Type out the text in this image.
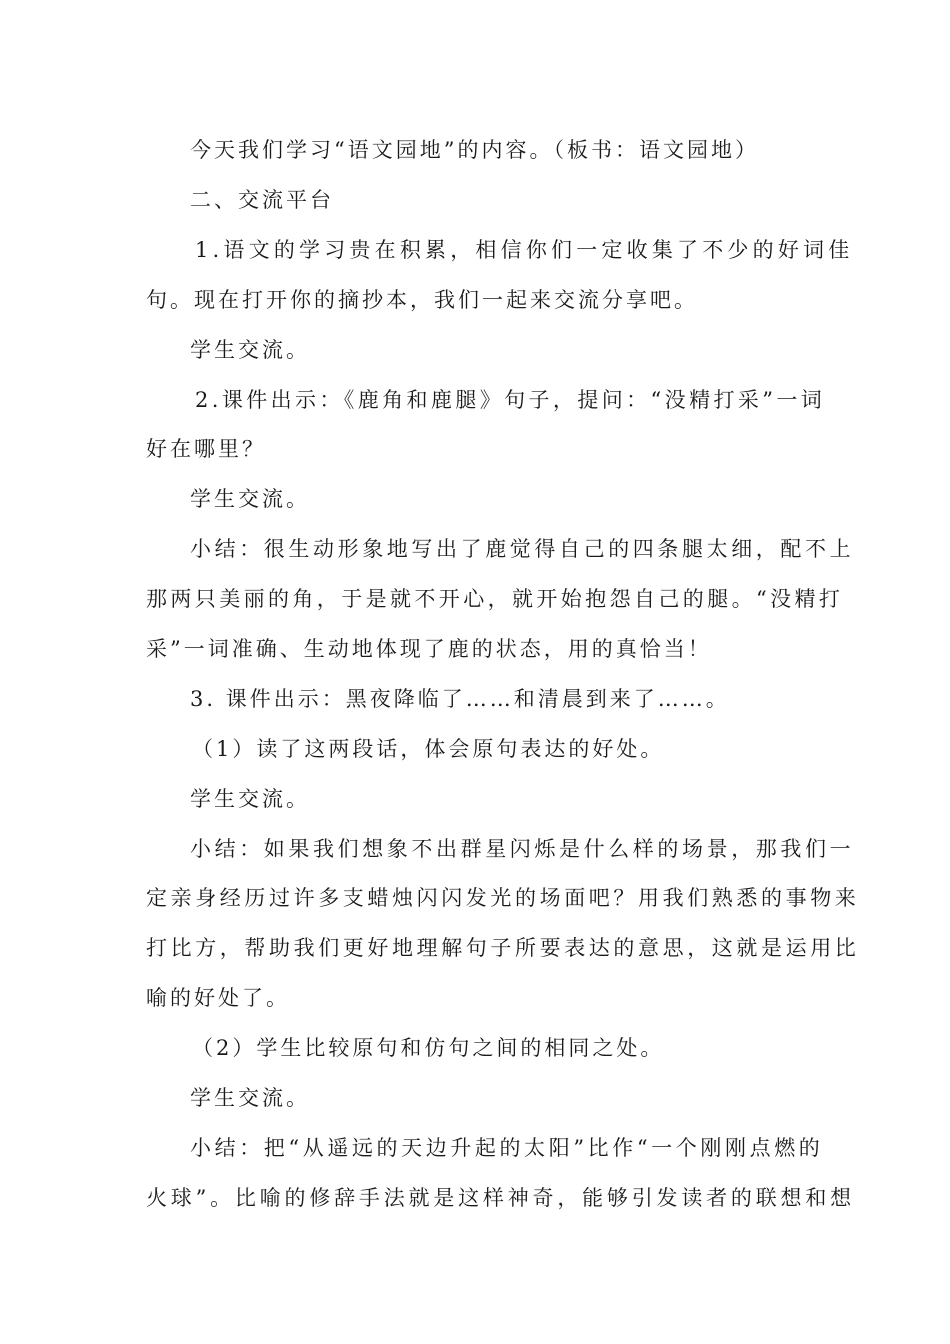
今天我们学习“语文园地”的内容。（板书：语文园地）
二、交流平台
1.语文的学习贵在积累，相信你们一定收集了不少的好词佳
句。现在打开你的摘抄本，我们一起来交流分享吧。
学生交流。
2.课件出示：《鹿角和鹿腿》句子，提问：“没精打采”一词
好在哪里？
学生交流。
小结：很生动形象地写出了鹿觉得自己的四条腿太细，配不上
那两只美丽的角，于是就不开心，就开始抱怨自己的腿。“没精打
采”一词准确、生动地体现了鹿的状态，用的真恰当！
3. 课件出示：黑夜降临了……和清晨到来了……。
（1）读了这两段话，体会原句表达的好处。
学生交流。
小结：如果我们想象不出群星闪烁是什么样的场景，那我们一
定亲身经历过许多支蜡烛闪闪发光的场面吧？用我们熟悉的事物来
打比方，帮助我们更好地理解句子所要表达的意思，这就是运用比
喻的好处了。
（2）学生比较原句和仿句之间的相同之处。
学生交流。
小结：把“从遥远的天边升起的太阳”比作“一个刚刚点燃的
火球”。比喻的修辞手法就是这样神奇，能够引发读者的联想和想
